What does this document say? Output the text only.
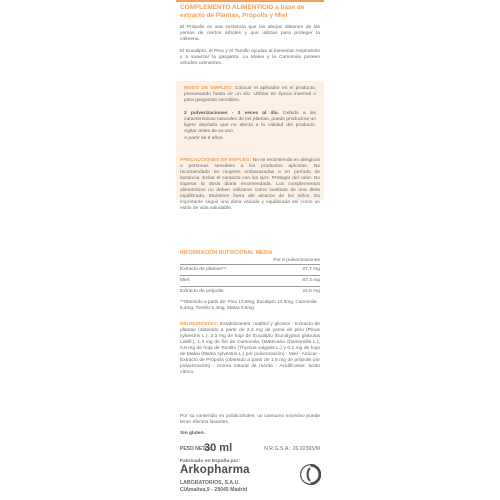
COMPLEMENTO ALIMENTICIO a base de extracto de Plantas, Própolis y Miel

El Própolis es una sustancia que las abejas obtienen de las yemas de ciertos árboles y que utilizan para proteger la colmena.

El Eucalipto, el Pino y el Tomillo ayudan al bienestar respiratorio y a suavizar la garganta. La Malva y la Camomila poseen virtudes calmantes.

MODO DE EMPLEO: Colocar el aplicador en el producto, presionando hasta oír un clic. Utilizar en época invernal o para gargantas sensibles.

2 pulverizaciones - 3 veces al día. Debido a las características naturales de las plantas, puede producirse un ligero depósito que no afecta a la calidad del producto. Agitar antes de su uso.

A partir de 6 años.

PRECAUCIONES DE EMPLEO: No se recomienda en alérgicos o personas sensibles a los productos apícolas. No recomendado en mujeres embarazadas o en período de lactancia. Evitar el contacto con los ojos. Proteger del calor. No superar la dosis diaria recomendada. Los complementos alimenticios no deben utilizarse como sustituto de una dieta equilibrada. Mantener fuera del alcance de los niños. Es importante seguir una dieta variada y equilibrada así como un estilo de vida saludable.

INFORMACIÓN NUTRICIONAL MEDIA
Por 6 pulverizaciones
Extracto de plantas**:	27,7 mg
Miel:	87,4 mg
Extracto de própolis:	24,6 mg
**Obtenido a partir de: Pino 13,8mg, Eucalipto 13,8mg, Camomila 8,4mg, Tomillo 5,4mg, Malva 0,6mg

INGREDIENTES: Estabilizantes: maltitol y glicerol - Extracto de plantas (obtenido a partir de 2,3 mg de yema de pino (Pinus sylvestris L.), 2,3 mg de hoja de Eucalipto (Eucalyptus globulus Labill.), 1,4 mg de flor de Camomila, (Matricaria chamomilla L.), 0,9 mg de hoja de Tomillo (Thymus vulgaris L.) y 0,1 mg de hoja de Malva (Malva sylvestris L.) por pulverización) - Miel - Azúcar - Extracto de Própolis (obtenido a partir de 1,6 mg de própolis por pulverización) - Aroma natural de menta - Acidificante: ácido cítrico.

Por su contenido en polialcoholes, un consumo excesivo puede tener efectos laxantes.

Sin gluten.

PESO NETO:
30 ml	N.R.G.S.A.: 26.02365/M
Fabricado en España por:
Arkopharma
LABORATORIOS, S.A.U.
C/Amaltea,9 - 28045 Madrid
